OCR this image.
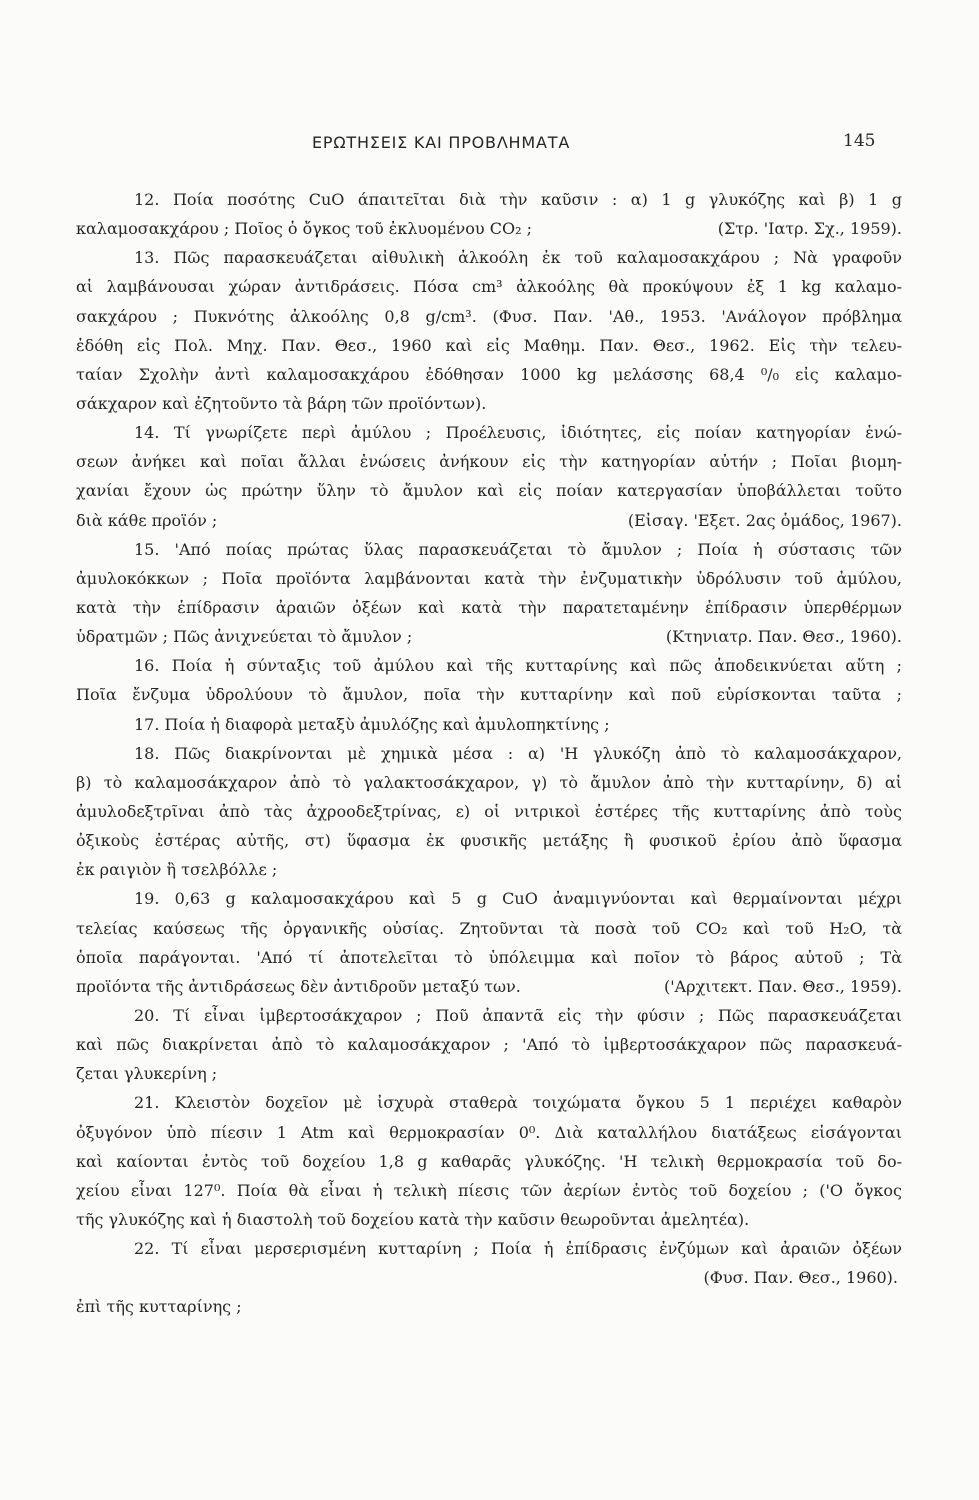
ΕΡΩΤΗΣΕΙΣ ΚΑΙ ΠΡΟΒΛΗΜΑΤΑ	145
12. Ποία ποσότης CuO άπαιτεῖται διὰ τὴν καῦσιν : α) 1 g γλυκόζης καὶ β) 1 g
καλαμοσακχάρου ; Ποῖος ὁ ὄγκος τοῦ ἐκλυομένου CO₂ ;	(Στρ. 'Ιατρ. Σχ., 1959).
13. Πῶς παρασκευάζεται αἰθυλικὴ ἀλκοόλη ἐκ τοῦ καλαμοσακχάρου ; Νὰ γραφοῦν
αἱ λαμβάνουσαι χώραν ἀντιδράσεις. Πόσα cm³ ἀλκοόλης θὰ προκύψουν ἐξ 1 kg καλαμο-
σακχάρου ; Πυκνότης ἀλκοόλης 0,8 g/cm³. (Φυσ. Παν. 'Αθ., 1953. 'Ανάλογον πρόβλημα
ἐδόθη εἰς Πολ. Μηχ. Παν. Θεσ., 1960 καὶ εἰς Μαθημ. Παν. Θεσ., 1962. Εἰς τὴν τελευ-
ταίαν Σχολὴν ἀντὶ καλαμοσακχάρου ἐδόθησαν 1000 kg μελάσσης 68,4 ⁰/₀ εἰς καλαμο-
σάκχαρον καὶ ἐζητοῦντο τὰ βάρη τῶν προϊόντων).
14. Τί γνωρίζετε περὶ ἀμύλου ; Προέλευσις, ἰδιότητες, εἰς ποίαν κατηγορίαν ἑνώ-
σεων ἀνήκει καὶ ποῖαι ἄλλαι ἑνώσεις ἀνήκουν εἰς τὴν κατηγορίαν αὐτήν ; Ποῖαι βιομη-
χανίαι ἔχουν ὡς πρώτην ὕλην τὸ ἄμυλον καὶ εἰς ποίαν κατεργασίαν ὑποβάλλεται τοῦτο
διὰ κάθε προϊόν ;	(Εἰσαγ. 'Εξετ. 2ας ὁμάδος, 1967).
15. 'Από ποίας πρώτας ὕλας παρασκευάζεται τὸ ἄμυλον ; Ποία ἡ σύστασις τῶν
ἀμυλοκόκκων ; Ποῖα προϊόντα λαμβάνονται κατὰ τὴν ἐνζυματικὴν ὑδρόλυσιν τοῦ ἀμύλου,
κατὰ τὴν ἐπίδρασιν ἀραιῶν ὀξέων καὶ κατὰ τὴν παρατεταμένην ἐπίδρασιν ὑπερθέρμων
ὑδρατμῶν ; Πῶς ἀνιχνεύεται τὸ ἄμυλον ;	(Κτηνιατρ. Παν. Θεσ., 1960).
16. Ποία ἡ σύνταξις τοῦ ἀμύλου καὶ τῆς κυτταρίνης καὶ πῶς ἀποδεικνύεται αὕτη ;
Ποῖα ἔνζυμα ὑδρολύουν τὸ ἄμυλον, ποῖα τὴν κυτταρίνην καὶ ποῦ εὑρίσκονται ταῦτα ;
17. Ποία ἡ διαφορὰ μεταξὺ ἀμυλόζης καὶ ἀμυλοπηκτίνης ;
18. Πῶς διακρίνονται μὲ χημικὰ μέσα : α) 'Η γλυκόζη ἀπὸ τὸ καλαμοσάκχαρον,
β) τὸ καλαμοσάκχαρον ἀπὸ τὸ γαλακτοσάκχαρον, γ) τὸ ἄμυλον ἀπὸ τὴν κυτταρίνην, δ) αἱ
ἀμυλοδεξτρῖναι ἀπὸ τὰς ἀχροοδεξτρίνας, ε) οἱ νιτρικοὶ ἐστέρες τῆς κυτταρίνης ἀπὸ τοὺς
ὀξικοὺς ἐστέρας αὐτῆς, στ) ὕφασμα ἐκ φυσικῆς μετάξης ἢ φυσικοῦ ἐρίου ἀπὸ ὕφασμα
ἐκ ραιγιὸν ἢ τσελβόλλε ;
19. 0,63 g καλαμοσακχάρου καὶ 5 g CuO ἀναμιγνύονται καὶ θερμαίνονται μέχρι
τελείας καύσεως τῆς ὀργανικῆς οὐσίας. Ζητοῦνται τὰ ποσὰ τοῦ CO₂ καὶ τοῦ H₂O, τὰ
ὁποῖα παράγονται. 'Από τί ἀποτελεῖται τὸ ὑπόλειμμα καὶ ποῖον τὸ βάρος αὐτοῦ ; Τὰ
προϊόντα τῆς ἀντιδράσεως δὲν ἀντιδροῦν μεταξύ των.	('Αρχιτεκτ. Παν. Θεσ., 1959).
20. Τί εἶναι ἰμβερτοσάκχαρον ; Ποῦ ἀπαντᾶ εἰς τὴν φύσιν ; Πῶς παρασκευάζεται
καὶ πῶς διακρίνεται ἀπὸ τὸ καλαμοσάκχαρον ; 'Από τὸ ἰμβερτοσάκχαρον πῶς παρασκευά-
ζεται γλυκερίνη ;
21. Κλειστὸν δοχεῖον μὲ ἰσχυρὰ σταθερὰ τοιχώματα ὄγκου 5 1 περιέχει καθαρὸν
ὀξυγόνον ὑπὸ πίεσιν 1 Atm καὶ θερμοκρασίαν 0⁰. Διὰ καταλλήλου διατάξεως εἰσάγονται
καὶ καίονται ἐντὸς τοῦ δοχείου 1,8 g καθαρᾶς γλυκόζης. 'Η τελικὴ θερμοκρασία τοῦ δο-
χείου εἶναι 127⁰. Ποία θὰ εἶναι ἡ τελικὴ πίεσις τῶν ἀερίων ἐντὸς τοῦ δοχείου ; ('Ο ὄγκος
τῆς γλυκόζης καὶ ἡ διαστολὴ τοῦ δοχείου κατὰ τὴν καῦσιν θεωροῦνται ἀμελητέα).
22. Τί εἶναι μερσερισμένη κυτταρίνη ; Ποία ἡ ἐπίδρασις ἐνζύμων καὶ ἀραιῶν ὀξέων
(Φυσ. Παν. Θεσ., 1960).
ἐπὶ τῆς κυτταρίνης ;
